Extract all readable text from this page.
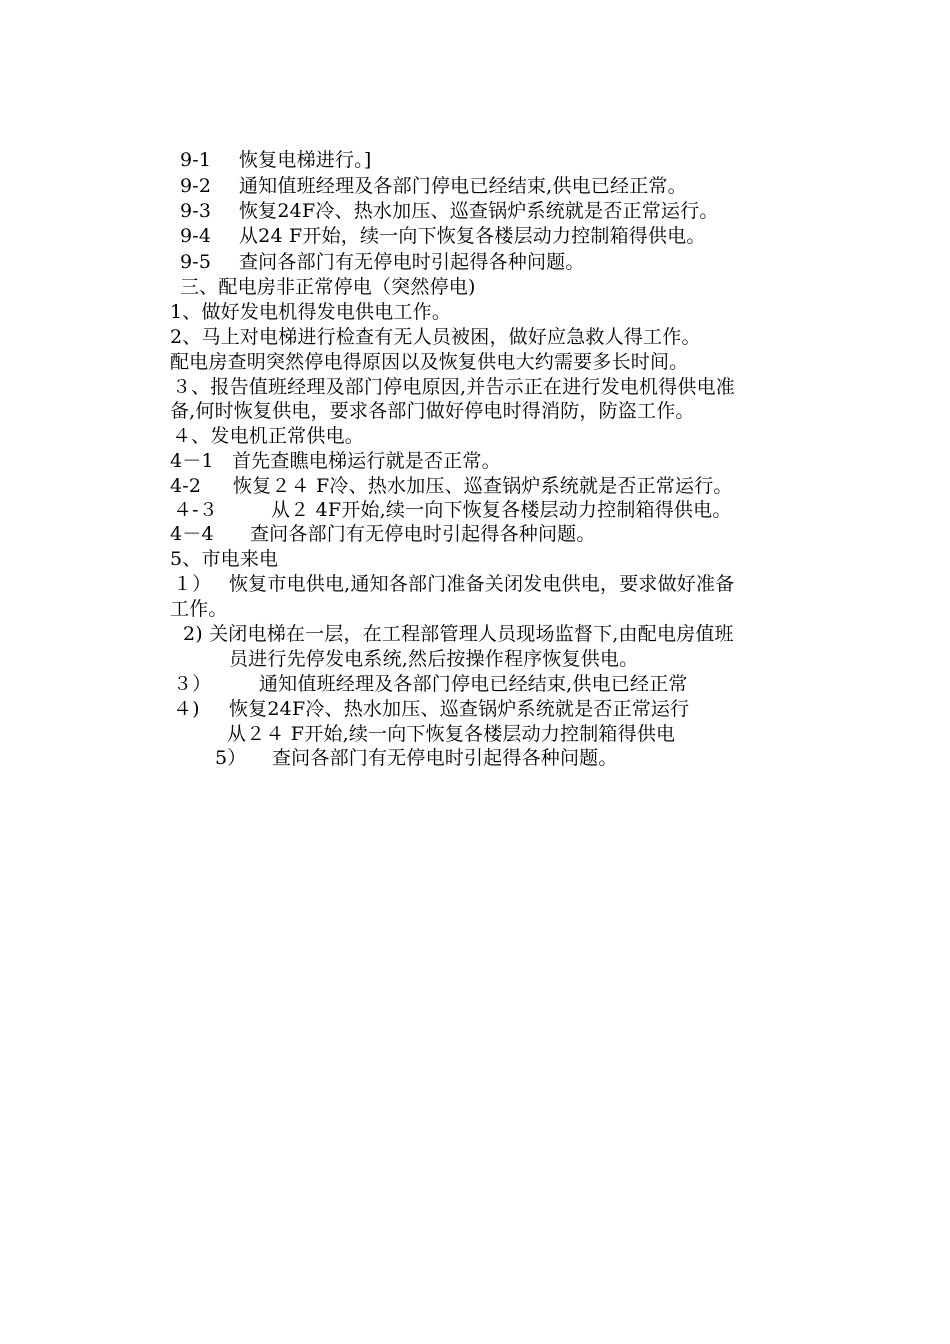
9-1 恢复电梯进行。]

9-2 通知值班经理及各部门停电已经结束,供电已经正常。

9-3 恢复24F冷、热水加压、巡查锅炉系统就是否正常运行。

9-4 从24 F开始，续一向下恢复各楼层动力控制箱得供电。

9-5 查问各部门有无停电时引起得各种问题。

三、配电房非正常停电（突然停电)

1、做好发电机得发电供电工作。

2、马上对电梯进行检查有无人员被困，做好应急救人得工作。

配电房查明突然停电得原因以及恢复供电大约需要多长时间。

３、报告值班经理及部门停电原因,并告示正在进行发电机得供电准

备,何时恢复供电，要求各部门做好停电时得消防，防盗工作。

４、发电机正常供电。

4－1 首先查瞧电梯运行就是否正常。

4-2 恢复２４ F冷、热水加压、巡查锅炉系统就是否正常运行。

４-３	从２ 4F开始,续一向下恢复各楼层动力控制箱得供电。

4－4 查问各部门有无停电时引起得各种问题。

5、市电来电

１） 恢复市电供电,通知各部门准备关闭发电供电，要求做好准备

工作。

2) 关闭电梯在一层，在工程部管理人员现场监督下,由配电房值班

员进行先停发电系统,然后按操作程序恢复供电。

３）	通知值班经理及各部门停电已经结束,供电已经正常

４) 恢复24F冷、热水加压、巡查锅炉系统就是否正常运行

从２４ F开始,续一向下恢复各楼层动力控制箱得供电

5） 查问各部门有无停电时引起得各种问题。
